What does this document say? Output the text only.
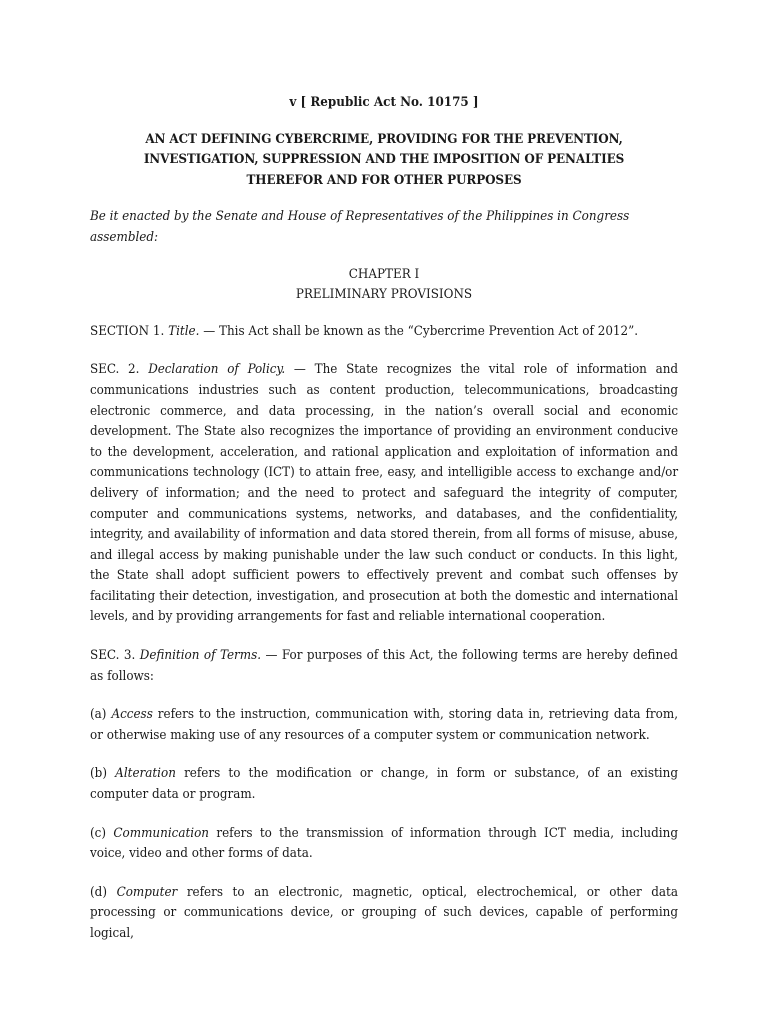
v [ Republic Act No. 10175 ]

AN ACT DEFINING CYBERCRIME, PROVIDING FOR THE PREVENTION,
INVESTIGATION, SUPPRESSION AND THE IMPOSITION OF PENALTIES
THEREFOR AND FOR OTHER PURPOSES

Be it enacted by the Senate and House of Representatives of the Philippines in Congress assembled:

CHAPTER I
PRELIMINARY PROVISIONS

SECTION 1. Title. — This Act shall be known as the “Cybercrime Prevention Act of 2012”.

SEC. 2. Declaration of Policy. — The State recognizes the vital role of information and communications industries such as content production, telecommunications, broadcasting electronic commerce, and data processing, in the nation’s overall social and economic development. The State also recognizes the importance of providing an environment conducive to the development, acceleration, and rational application and exploitation of information and communications technology (ICT) to attain free, easy, and intelligible access to exchange and/or delivery of information; and the need to protect and safeguard the integrity of computer, computer and communications systems, networks, and databases, and the confidentiality, integrity, and availability of information and data stored therein, from all forms of misuse, abuse, and illegal access by making punishable under the law such conduct or conducts. In this light, the State shall adopt sufficient powers to effectively prevent and combat such offenses by facilitating their detection, investigation, and prosecution at both the domestic and international levels, and by providing arrangements for fast and reliable international cooperation.

SEC. 3. Definition of Terms. — For purposes of this Act, the following terms are hereby defined as follows:

(a) Access refers to the instruction, communication with, storing data in, retrieving data from, or otherwise making use of any resources of a computer system or communication network.

(b) Alteration refers to the modification or change, in form or substance, of an existing computer data or program.

(c) Communication refers to the transmission of information through ICT media, including voice, video and other forms of data.

(d) Computer refers to an electronic, magnetic, optical, electrochemical, or other data processing or communications device, or grouping of such devices, capable of performing logical,
